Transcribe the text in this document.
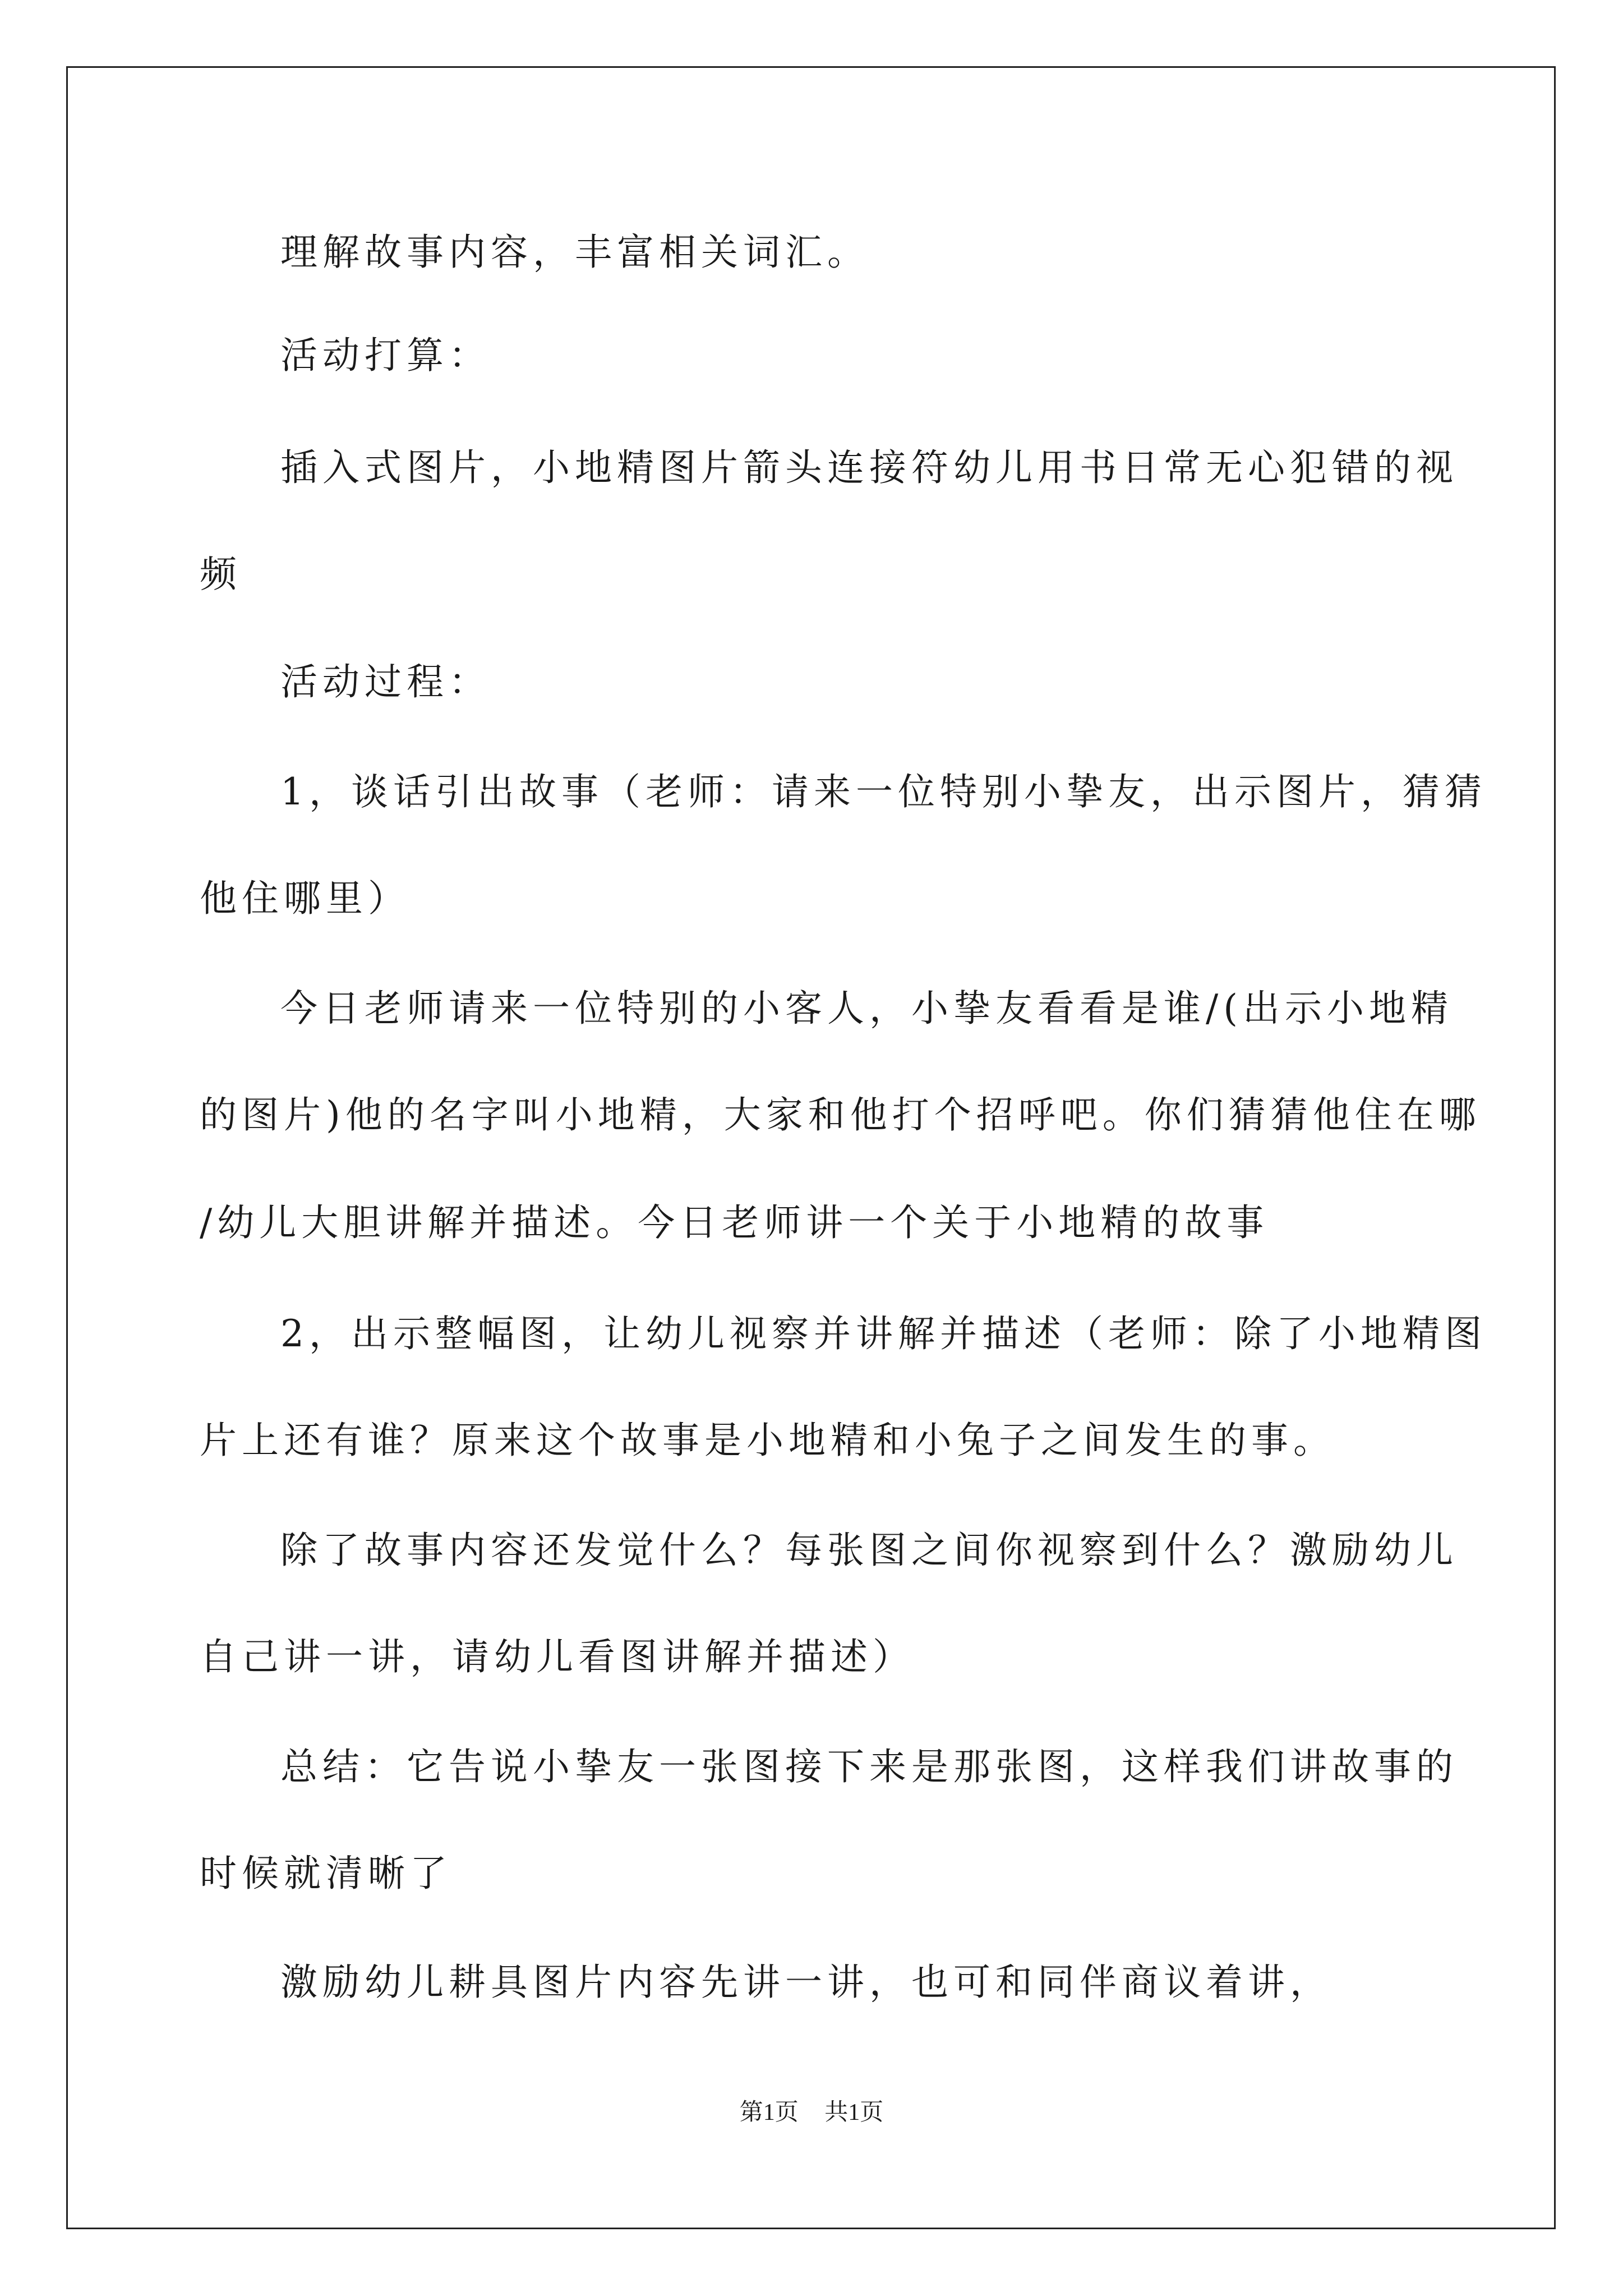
理解故事内容，丰富相关词汇。
活动打算：
插入式图片，小地精图片箭头连接符幼儿用书日常无心犯错的视
频
活动过程：
1，谈话引出故事（老师：请来一位特别小挚友，出示图片，猜猜
他住哪里）
今日老师请来一位特别的小客人，小挚友看看是谁/(出示小地精
的图片)他的名字叫小地精，大家和他打个招呼吧。你们猜猜他住在哪
/幼儿大胆讲解并描述。今日老师讲一个关于小地精的故事
2，出示整幅图，让幼儿视察并讲解并描述（老师：除了小地精图
片上还有谁？原来这个故事是小地精和小兔子之间发生的事。
除了故事内容还发觉什么？每张图之间你视察到什么？激励幼儿
自己讲一讲，请幼儿看图讲解并描述）
总结：它告说小挚友一张图接下来是那张图，这样我们讲故事的
时候就清晰了
激励幼儿耕具图片内容先讲一讲，也可和同伴商议着讲，
第1页 共1页
